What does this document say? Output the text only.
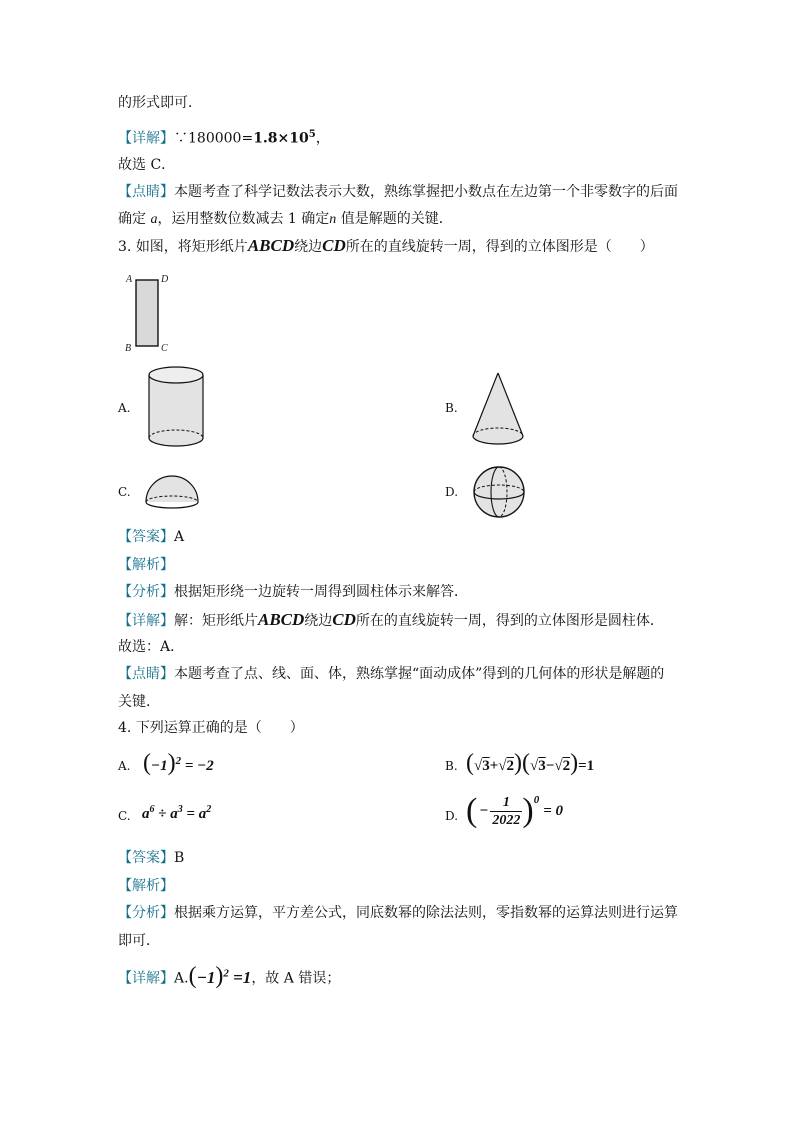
的形式即可．
【详解】$\because 180000=1.8\times 10^5$，
故选 C．
【点睛】本题考查了科学记数法表示大数，熟练掌握把小数点在左边第一个非零数字的后面
确定 a，运用整数位数减去 1 确定n 值是解题的关键．
3. 如图，将矩形纸片ABCD绕边CD所在的直线旋转一周，得到的立体图形是（　　）
A	D
B	C
A.	B.
C.	D.
【答案】A
【解析】
【分析】根据矩形绕一边旋转一周得到圆柱体示来解答．
【详解】解：矩形纸片ABCD绕边CD所在的直线旋转一周，得到的立体图形是圆柱体．
故选：A．
【点睛】本题考查了点、线、面、体，熟练掌握“面动成体”得到的几何体的形状是解题的
关键．
4. 下列运算正确的是（　　）
A. $(-1)^2 = -2$	B. (√3+√2)(√3−√2)=1
C. $a^6 \div a^3 = a^2$	D. ( − $\frac{1}{2022} )^0$
= 0
【答案】B
【解析】
【分析】根据乘方运算，平方差公式，同底数幂的除法法则，零指数幂的运算法则进行运算
即可．
【详解】$A.(-1)^2 =1$，故 A 错误；
